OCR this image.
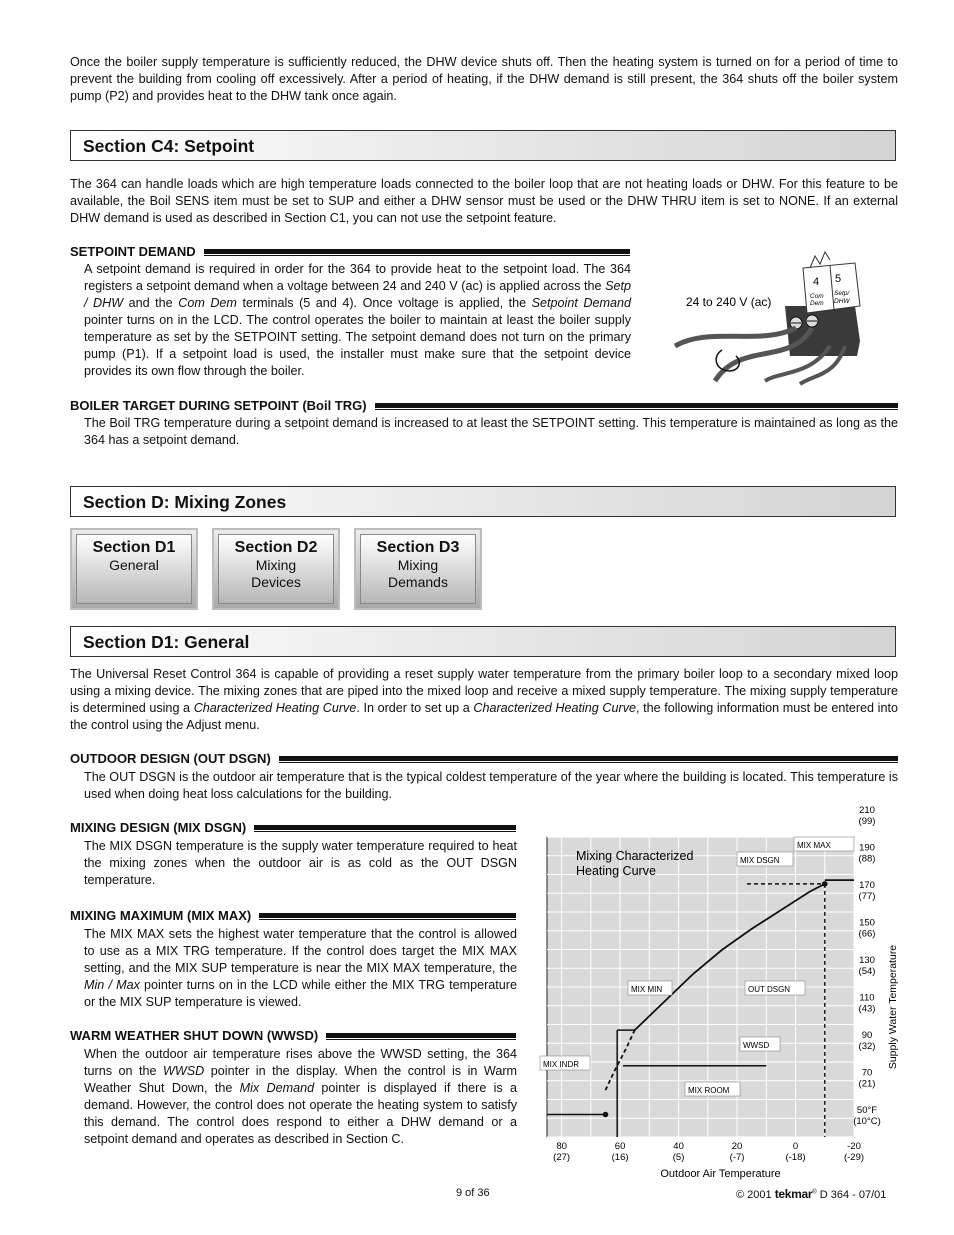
Once the boiler supply temperature is sufficiently reduced, the DHW device shuts off. Then the heating system is turned on for a period of time to prevent the building from cooling off excessively. After a period of heating, if the DHW demand is still present, the 364 shuts off the boiler system pump (P2) and provides heat to the DHW tank once again.

Section C4: Setpoint

The 364 can handle loads which are high temperature loads connected to the boiler loop that are not heating loads or DHW. For this feature to be available, the Boil SENS item must be set to SUP and either a DHW sensor must be used or the DHW THRU item is set to NONE. If an external DHW demand is used as described in Section C1, you can not use the setpoint feature.

SETPOINT DEMAND

A setpoint demand is required in order for the 364 to provide heat to the setpoint load. The 364 registers a setpoint demand when a voltage between 24 and 240 V (ac) is applied across the Setp / DHW and the Com Dem terminals (5 and 4). Once voltage is applied, the Setpoint Demand pointer turns on in the LCD. The control operates the boiler to maintain at least the boiler supply temperature as set by the SETPOINT setting. The setpoint demand does not turn on the primary pump (P1). If a setpoint load is used, the installer must make sure that the setpoint device provides its own flow through the boiler.

24 to 240 V (ac)
4 5
Com
Dem
Setp/
DHW
BOILER TARGET DURING SETPOINT (Boil TRG)

The Boil TRG temperature during a setpoint demand is increased to at least the SETPOINT setting. This temperature is maintained as long as the 364 has a setpoint demand.

Section D: Mixing Zones
Section D1
General
Section D2
Mixing
Devices
Section D3
Mixing
Demands
Section D1: General

The Universal Reset Control 364 is capable of providing a reset supply water temperature from the primary boiler loop to a secondary mixed loop using a mixing device. The mixing zones that are piped into the mixed loop and receive a mixed supply temperature. The mixing supply temperature is determined using a Characterized Heating Curve. In order to set up a Characterized Heating Curve, the following information must be entered into the control using the Adjust menu.

OUTDOOR DESIGN (OUT DSGN)

The OUT DSGN is the outdoor air temperature that is the typical coldest temperature of the year where the building is located. This temperature is used when doing heat loss calculations for the building.

MIXING DESIGN (MIX DSGN)

The MIX DSGN temperature is the supply water temperature required to heat the mixing zones when the outdoor air is as cold as the OUT DSGN temperature.

MIXING MAXIMUM (MIX MAX)

The MIX MAX sets the highest water temperature that the control is allowed to use as a MIX TRG temperature. If the control does target the MIX MAX setting, and the MIX SUP temperature is near the MIX MAX temperature, the Min / Max pointer turns on in the LCD while either the MIX TRG temperature or the MIX SUP temperature is viewed.

WARM WEATHER SHUT DOWN (WWSD)

When the outdoor air temperature rises above the WWSD setting, the 364 turns on the WWSD pointer in the display. When the control is in Warm Weather Shut Down, the Mix Demand pointer is displayed if there is a demand. However, the control does not operate the heating system to satisfy this demand. The control does respond to either a DHW demand or a setpoint demand and operates as described in Section C.

80
(27)
60
(16)
40
(5)
20
(-7)
0
(-18)
-20
(-29)
210
(99)
190
(88)
170
(77)
150
(66)
130
(54)
110
(43)
90
(32)
70
(21)
50°F
(10°C)
Outdoor Air Temperature
Supply Water Temperature
Mixing Characterized
Heating Curve
MIX MAX
MIX DSGN
OUT DSGN
MIX MIN
WWSD
MIX INDR
MIX ROOM
9 of 36	© 2001 tekmar® D 364 - 07/01
